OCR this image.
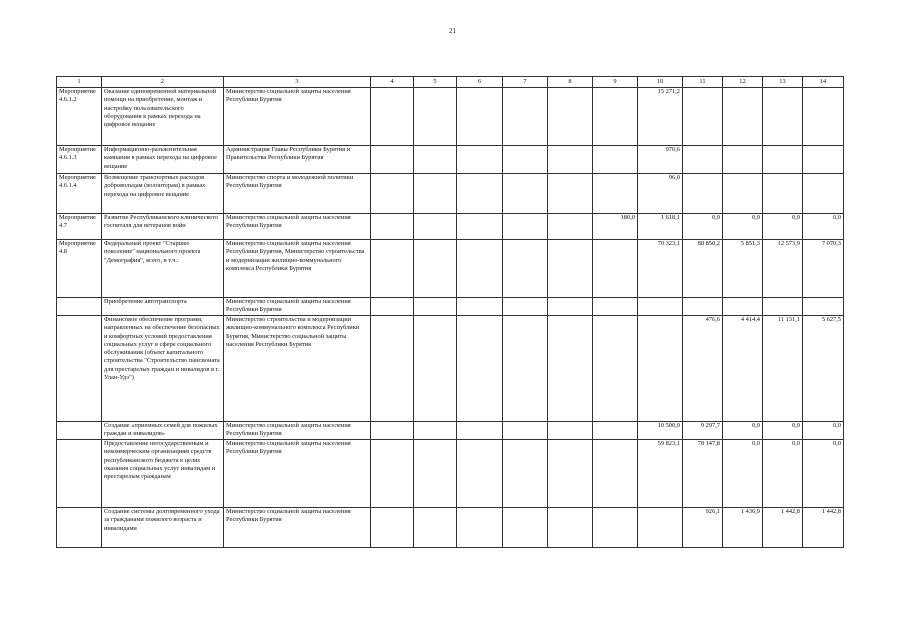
21
1	2	3	4	5	6	7	8	9	10	11	12	13	14
Мероприятие 4.6.1.2	Оказание единовременной материальной помощи на приобретение, монтаж и настройку пользовательского оборудования в рамках перехода на цифровое вещание	Министерство социальной защиты населения Республики Бурятия							15 271,2				
Мероприятие 4.6.1.3	Информационно-разъяснительная кампания в рамках перехода на цифровое вещание	Администрация Главы Республики Бурятия и Правительства Республики Бурятия							970,6				
Мероприятие 4.6.1.4	Возмещение транспортных расходов добровольцам (волонтерам) в рамках перехода на цифровое вещание	Министерство спорта и молодежной политики Республики Бурятия							96,0				
Мероприятие 4.7	Развитие Республиканского клинического госпиталя для ветеранов войн	Министерство социальной защиты населения Республики Бурятия						180,0	1 618,1	0,0	0,0	0,0	0,0
Мероприятие 4.8	Федеральный проект "Старшее поколение" национального проекта "Демография", всего, в т.ч.:	Министерство социальной защиты населения Республики Бурятия, Министерство строительства и модернизации жилищно-коммунального комплекса Республики Бурятия							70 323,1	88 850,2	5 851,3	12 573,9	7 070,3
	Приобретение автотранспорта	Министерство социальной защиты населения Республики Бурятия											
	Финансовое обеспечение программ, направленных на обеспечение безопасных и комфортных условий предоставления социальных услуг в сфере социального обслуживания (объект капитального строительства "Строительство пансионата для престарелых граждан и инвалидов в г. Улан-Удэ")	Министерство строительства и модернизации жилищно-коммунального комплекса Республики Бурятия, Министерство социальной защиты населения Республики Бурятия								476,6	4 414,4	11 131,1	5 627,5
	Создание «приемных семей для пожилых граждан и инвалидов»	Министерство социальной защиты населения Республики Бурятия							10 500,0	9 297,7	0,0	0,0	0,0
	Предоставление негосударственным и некоммерческим организациям средств республиканского бюджета в целях оказания социальных услуг инвалидам и престарелым гражданам	Министерство социальной защиты населения Республики Бурятия							59 823,1	78 147,8	0,0	0,0	0,0
	Создание системы долговременного ухода за гражданами пожилого возраста и инвалидами	Министерство социальной защиты населения Республики Бурятия								926,1	1 436,9	1 442,8	1 442,8
